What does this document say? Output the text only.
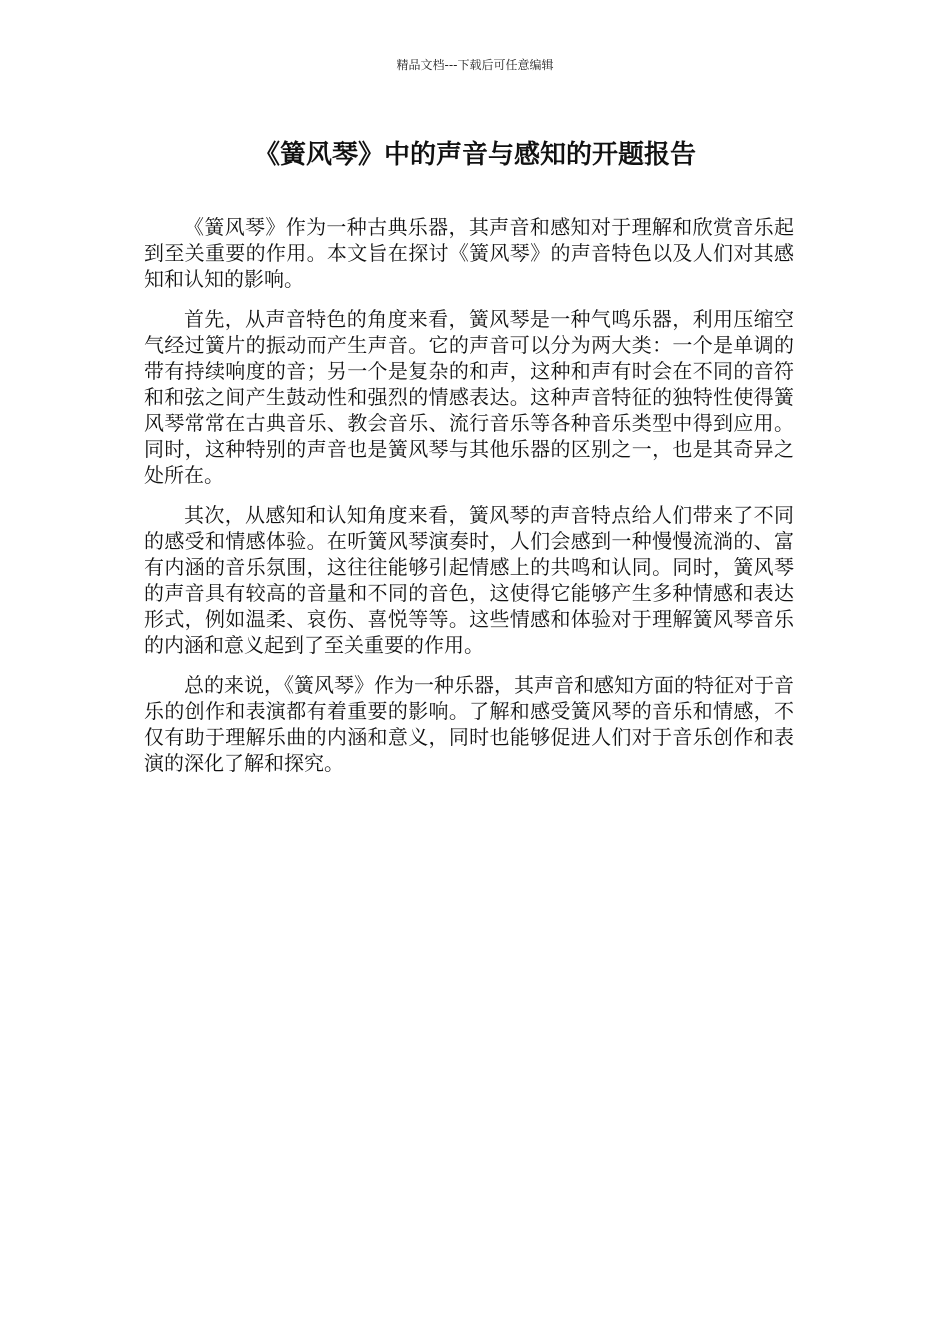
精品文档---下载后可任意编辑
《簧风琴》中的声音与感知的开题报告

《簧风琴》作为一种古典乐器，其声音和感知对于理解和欣赏音乐起到至关重要的作用。本文旨在探讨《簧风琴》的声音特色以及人们对其感知和认知的影响。

首先，从声音特色的角度来看，簧风琴是一种气鸣乐器，利用压缩空气经过簧片的振动而产生声音。它的声音可以分为两大类：一个是单调的带有持续响度的音；另一个是复杂的和声，这种和声有时会在不同的音符和和弦之间产生鼓动性和强烈的情感表达。这种声音特征的独特性使得簧风琴常常在古典音乐、教会音乐、流行音乐等各种音乐类型中得到应用。同时，这种特别的声音也是簧风琴与其他乐器的区别之一，也是其奇异之处所在。

其次，从感知和认知角度来看，簧风琴的声音特点给人们带来了不同的感受和情感体验。在听簧风琴演奏时，人们会感到一种慢慢流淌的、富有内涵的音乐氛围，这往往能够引起情感上的共鸣和认同。同时，簧风琴的声音具有较高的音量和不同的音色，这使得它能够产生多种情感和表达形式，例如温柔、哀伤、喜悦等等。这些情感和体验对于理解簧风琴音乐的内涵和意义起到了至关重要的作用。

总的来说，《簧风琴》作为一种乐器，其声音和感知方面的特征对于音乐的创作和表演都有着重要的影响。了解和感受簧风琴的音乐和情感，不仅有助于理解乐曲的内涵和意义，同时也能够促进人们对于音乐创作和表演的深化了解和探究。
